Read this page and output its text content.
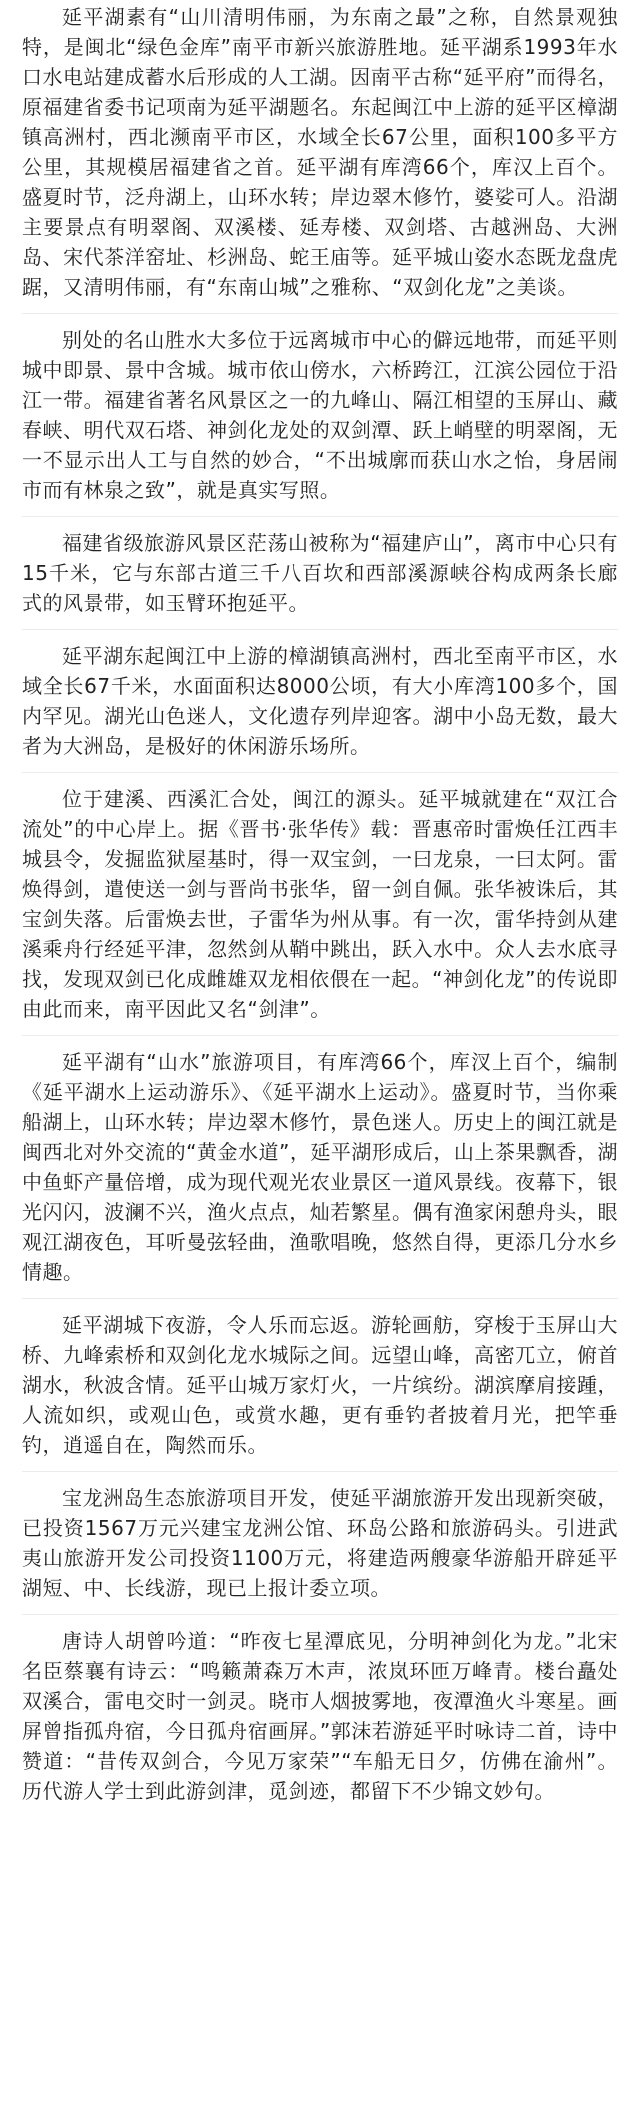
延平湖素有“山川清明伟丽，为东南之最”之称，自然景观独特，是闽北“绿色金库”南平市新兴旅游胜地。延平湖系1993年水口水电站建成蓄水后形成的人工湖。因南平古称“延平府”而得名，原福建省委书记项南为延平湖题名。东起闽江中上游的延平区樟湖镇高洲村，西北濒南平市区，水域全长67公里，面积100多平方公里，其规模居福建省之首。延平湖有库湾66个，库汉上百个。盛夏时节，泛舟湖上，山环水转；岸边翠木修竹，婆娑可人。沿湖主要景点有明翠阁、双溪楼、延寿楼、双剑塔、古越洲岛、大洲岛、宋代茶洋窑址、杉洲岛、蛇王庙等。延平城山姿水态既龙盘虎踞，又清明伟丽，有“东南山城”之雅称、“双剑化龙”之美谈。

别处的名山胜水大多位于远离城市中心的僻远地带，而延平则城中即景、景中含城。城市依山傍水，六桥跨江，江滨公园位于沿江一带。福建省著名风景区之一的九峰山、隔江相望的玉屏山、藏春峡、明代双石塔、神剑化龙处的双剑潭、跃上峭壁的明翠阁，无一不显示出人工与自然的妙合，“不出城廓而获山水之怡，身居闹市而有林泉之致”，就是真实写照。

福建省级旅游风景区茫荡山被称为“福建庐山”，离市中心只有15千米，它与东部古道三千八百坎和西部溪源峡谷构成两条长廊式的风景带，如玉臂环抱延平。

延平湖东起闽江中上游的樟湖镇高洲村，西北至南平市区，水域全长67千米，水面面积达8000公顷，有大小库湾100多个，国内罕见。湖光山色迷人，文化遗存列岸迎客。湖中小岛无数，最大者为大洲岛，是极好的休闲游乐场所。

位于建溪、西溪汇合处，闽江的源头。延平城就建在“双江合流处”的中心岸上。据《晋书·张华传》载：晋惠帝时雷焕任江西丰城县令，发掘监狱屋基时，得一双宝剑，一曰龙泉，一曰太阿。雷焕得剑，遣使送一剑与晋尚书张华，留一剑自佩。张华被诛后，其宝剑失落。后雷焕去世，子雷华为州从事。有一次，雷华持剑从建溪乘舟行经延平津，忽然剑从鞘中跳出，跃入水中。众人去水底寻找，发现双剑已化成雌雄双龙相依偎在一起。“神剑化龙”的传说即由此而来，南平因此又名“剑津”。

延平湖有“山水”旅游项目，有库湾66个，库汊上百个，编制《延平湖水上运动游乐》、《延平湖水上运动》。盛夏时节，当你乘船湖上，山环水转；岸边翠木修竹，景色迷人。历史上的闽江就是闽西北对外交流的“黄金水道”，延平湖形成后，山上茶果飘香，湖中鱼虾产量倍增，成为现代观光农业景区一道风景线。夜幕下，银光闪闪，波澜不兴，渔火点点，灿若繁星。偶有渔家闲憩舟头，眼观江湖夜色，耳听曼弦轻曲，渔歌唱晚，悠然自得，更添几分水乡情趣。

延平湖城下夜游，令人乐而忘返。游轮画舫，穿梭于玉屏山大桥、九峰索桥和双剑化龙水城际之间。远望山峰，高密兀立，俯首湖水，秋波含情。延平山城万家灯火，一片缤纷。湖滨摩肩接踵，人流如织，或观山色，或赏水趣，更有垂钓者披着月光，把竿垂钓，逍遥自在，陶然而乐。

宝龙洲岛生态旅游项目开发，使延平湖旅游开发出现新突破，已投资1567万元兴建宝龙洲公馆、环岛公路和旅游码头。引进武夷山旅游开发公司投资1100万元，将建造两艘豪华游船开辟延平湖短、中、长线游，现已上报计委立项。

唐诗人胡曾吟道：“昨夜七星潭底见，分明神剑化为龙。”北宋名臣蔡襄有诗云：“鸣籁萧森万木声，浓岚环匝万峰青。楼台矗处双溪合，雷电交时一剑灵。晓市人烟披雾地，夜潭渔火斗寒星。画屏曾指孤舟宿，今日孤舟宿画屏。”郭沫若游延平时咏诗二首，诗中赞道：“昔传双剑合，今见万家荣”“车船无日夕，仿佛在渝州”。历代游人学士到此游剑津，觅剑迹，都留下不少锦文妙句。
